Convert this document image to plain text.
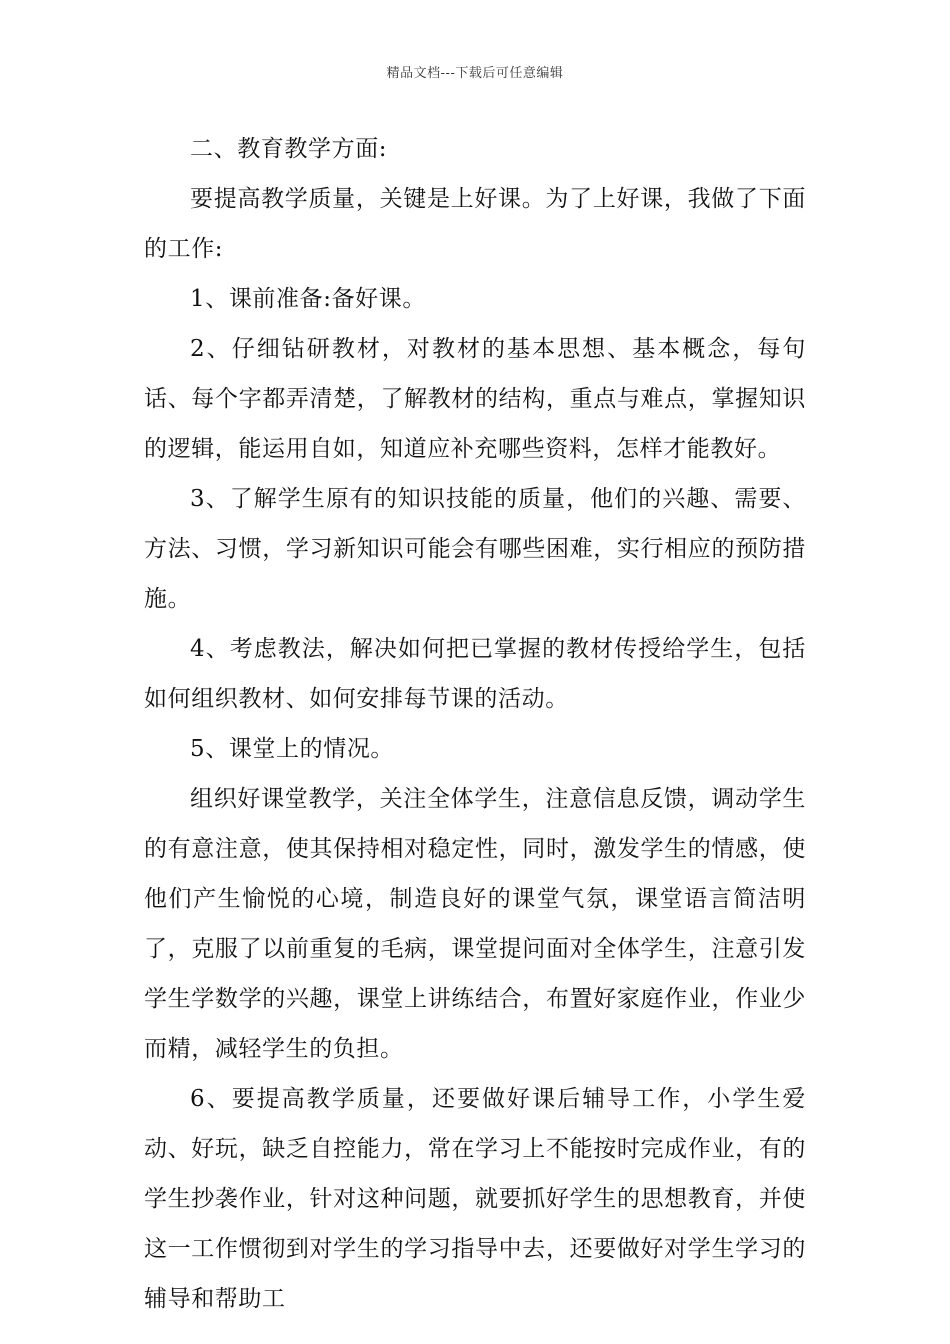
精品文档---下载后可任意编辑

二、教育教学方面:

要提高教学质量，关键是上好课。为了上好课，我做了下面的工作:

1、课前准备:备好课。

2、仔细钻研教材，对教材的基本思想、基本概念，每句话、每个字都弄清楚，了解教材的结构，重点与难点，掌握知识的逻辑，能运用自如，知道应补充哪些资料，怎样才能教好。

3、了解学生原有的知识技能的质量，他们的兴趣、需要、方法、习惯，学习新知识可能会有哪些困难，实行相应的预防措施。

4、考虑教法，解决如何把已掌握的教材传授给学生，包括如何组织教材、如何安排每节课的活动。

5、课堂上的情况。

组织好课堂教学，关注全体学生，注意信息反馈，调动学生的有意注意，使其保持相对稳定性，同时，激发学生的情感，使他们产生愉悦的心境，制造良好的课堂气氛，课堂语言简洁明了，克服了以前重复的毛病，课堂提问面对全体学生，注意引发学生学数学的兴趣，课堂上讲练结合，布置好家庭作业，作业少而精，减轻学生的负担。

6、要提高教学质量，还要做好课后辅导工作，小学生爱动、好玩，缺乏自控能力，常在学习上不能按时完成作业，有的学生抄袭作业，针对这种问题，就要抓好学生的思想教育，并使这一工作惯彻到对学生的学习指导中去，还要做好对学生学习的辅导和帮助工
